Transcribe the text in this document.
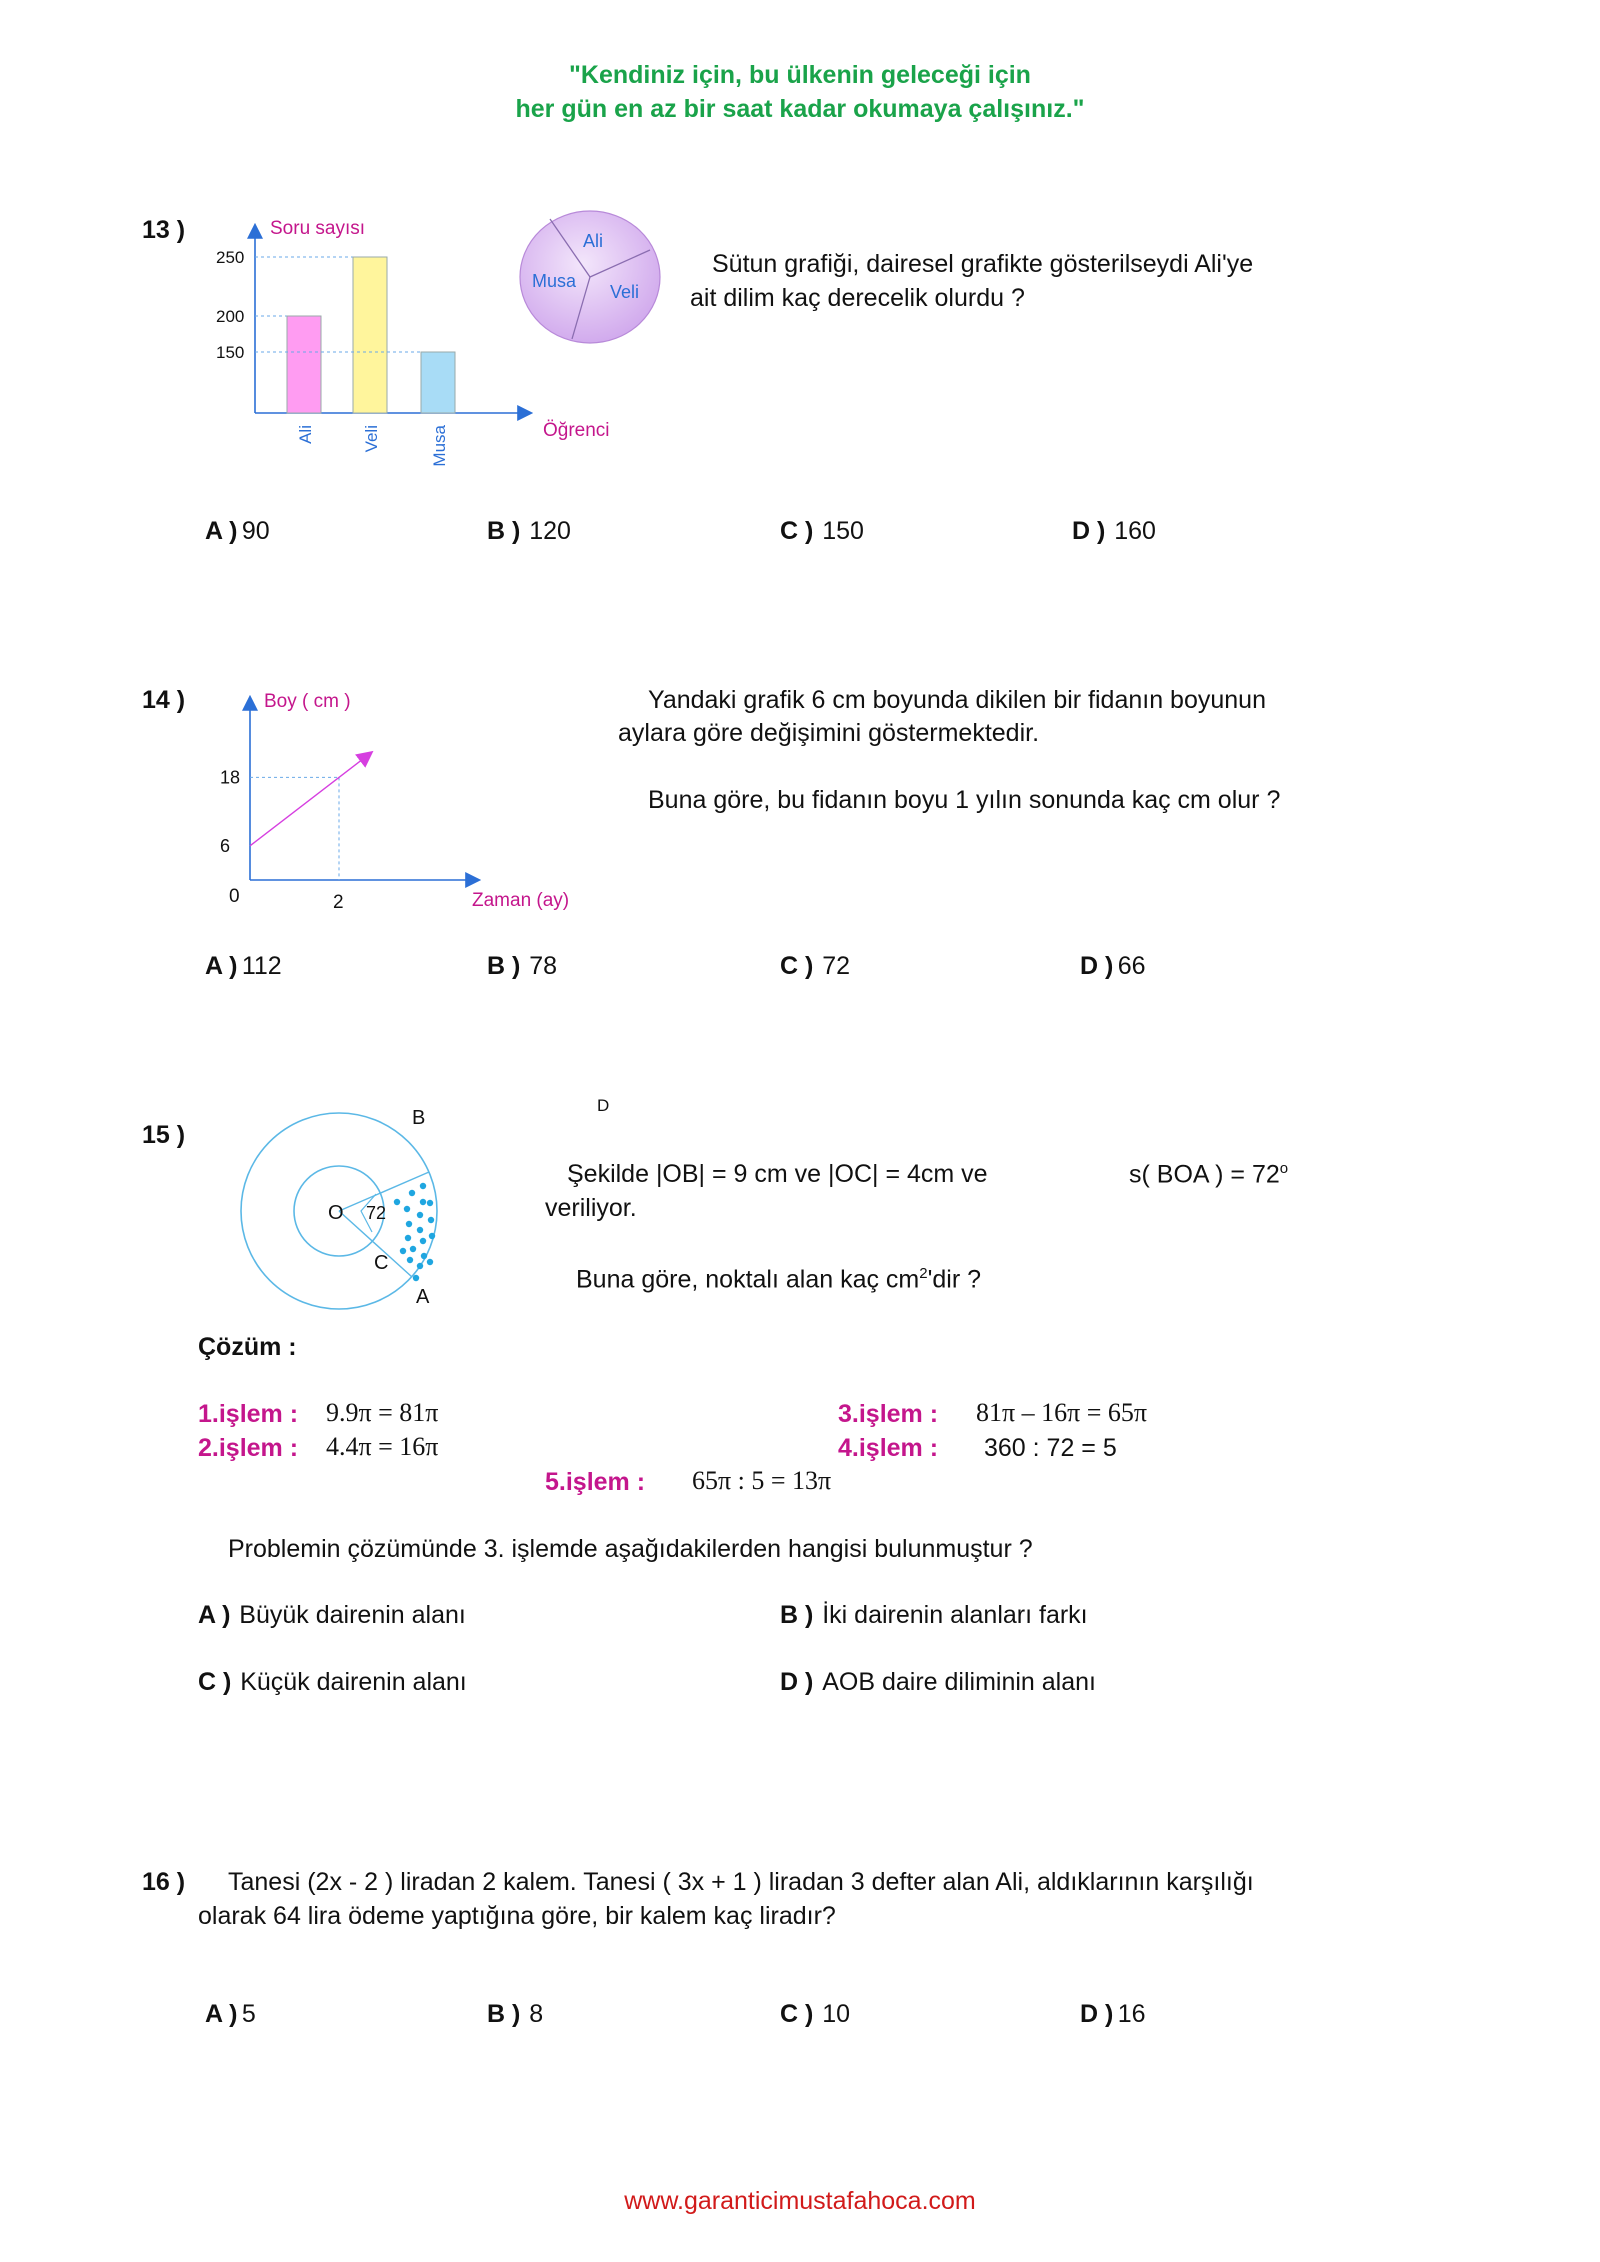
"Kendiniz için, bu ülkenin geleceği için
her gün en az bir saat kadar okumaya çalışınız."
13 )	Soru sayısı
250
200
150
Ali	Veli	Musa	Öğrenci
Ali
Musa
Veli
Sütun grafiği, dairesel grafikte gösterilseydi Ali'ye
ait dilim kaç derecelik olurdu ?
A ) 90	B ) 120	C ) 150	D ) 160
14 )	Boy ( cm )
0
18
6
2	Zaman (ay)
Yandaki grafik 6 cm boyunda dikilen bir fidanın boyunun
aylara göre değişimini göstermektedir.
Buna göre, bu fidanın boyu 1 yılın sonunda kaç cm olur ?
A ) 112	B ) 78	C ) 72	D ) 66
15 )
D
O 72
B
C
A
Şekilde |OB| = 9 cm ve |OC| = 4cm ve
veriliyor.
s( BOA ) = $72^o$
Buna göre, noktalı alan kaç $cm^2'dir$ ?
Çözüm :
1.işlem : 9.9π = 81π
2.işlem : 4.4π = 16π
3.işlem : 81π – 16π = 65π
4.işlem : 360 : 72 = 5
5.işlem : 65π : 5 = 13π
Problemin çözümünde 3. işlemde aşağıdakilerden hangisi bulunmuştur ?
A ) Büyük dairenin alanı	B ) İki dairenin alanları farkı
C ) Küçük dairenin alanı	D ) AOB daire diliminin alanı
16 ) Tanesi (2x - 2 ) liradan 2 kalem. Tanesi ( 3x + 1 ) liradan 3 defter alan Ali, aldıklarının karşılığı
olarak 64 lira ödeme yaptığına göre, bir kalem kaç liradır?
A ) 5	B ) 8	C ) 10	D ) 16
www.garanticimustafahoca.com
